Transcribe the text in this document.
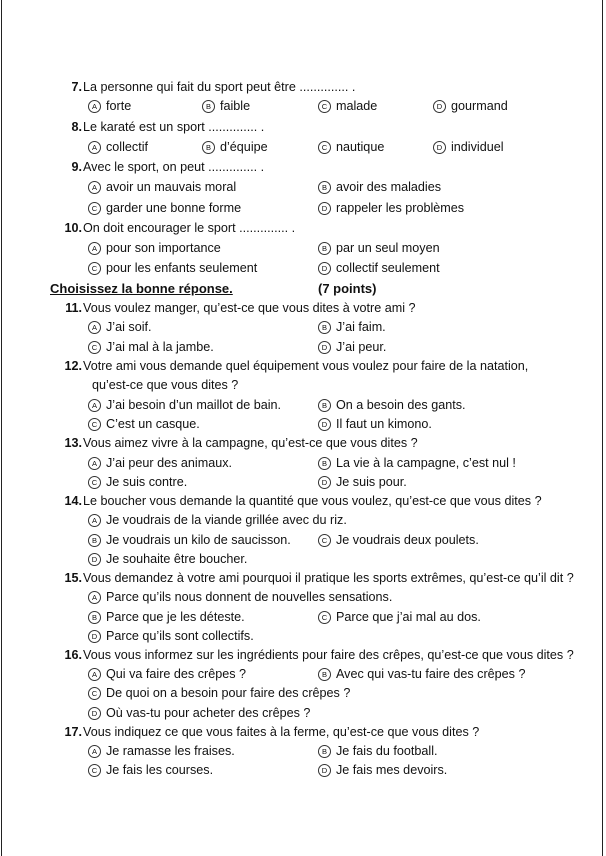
7. La personne qui fait du sport peut être .............. .
A forte	B faible	C malade	D gourmand
8. Le karaté est un sport .............. .
A collectif	B d’équipe	C nautique	D individuel
9. Avec le sport, on peut .............. .
A avoir un mauvais moral	B avoir des maladies
C garder une bonne forme	D rappeler les problèmes
10. On doit encourager le sport .............. .
A pour son importance	B par un seul moyen
C pour les enfants seulement	D collectif seulement
Choisissez la bonne réponse.	(7 points)
11. Vous voulez manger, qu’est-ce que vous dites à votre ami ?
A J’ai soif.	B J’ai faim.
C J’ai mal à la jambe.	D J’ai peur.
12. Votre ami vous demande quel équipement vous voulez pour faire de la natation,
qu’est-ce que vous dites ?
A J’ai besoin d’un maillot de bain.	B On a besoin des gants.
C C’est un casque.	D Il faut un kimono.
13. Vous aimez vivre à la campagne, qu’est-ce que vous dites ?
A J’ai peur des animaux.	B La vie à la campagne, c’est nul !
C Je suis contre.	D Je suis pour.
14. Le boucher vous demande la quantité que vous voulez, qu’est-ce que vous dites ?
A Je voudrais de la viande grillée avec du riz.
B Je voudrais un kilo de saucisson.	C Je voudrais deux poulets.
D Je souhaite être boucher.
15. Vous demandez à votre ami pourquoi il pratique les sports extrêmes, qu’est-ce qu’il dit ?
A Parce qu’ils nous donnent de nouvelles sensations.
B Parce que je les déteste.	C Parce que j’ai mal au dos.
D Parce qu’ils sont collectifs.
16. Vous vous informez sur les ingrédients pour faire des crêpes, qu’est-ce que vous dites ?
A Qui va faire des crêpes ?	B Avec qui vas-tu faire des crêpes ?
C De quoi on a besoin pour faire des crêpes ?
D Où vas-tu pour acheter des crêpes ?
17. Vous indiquez ce que vous faites à la ferme, qu’est-ce que vous dites ?
A Je ramasse les fraises.	B Je fais du football.
C Je fais les courses.	D Je fais mes devoirs.
